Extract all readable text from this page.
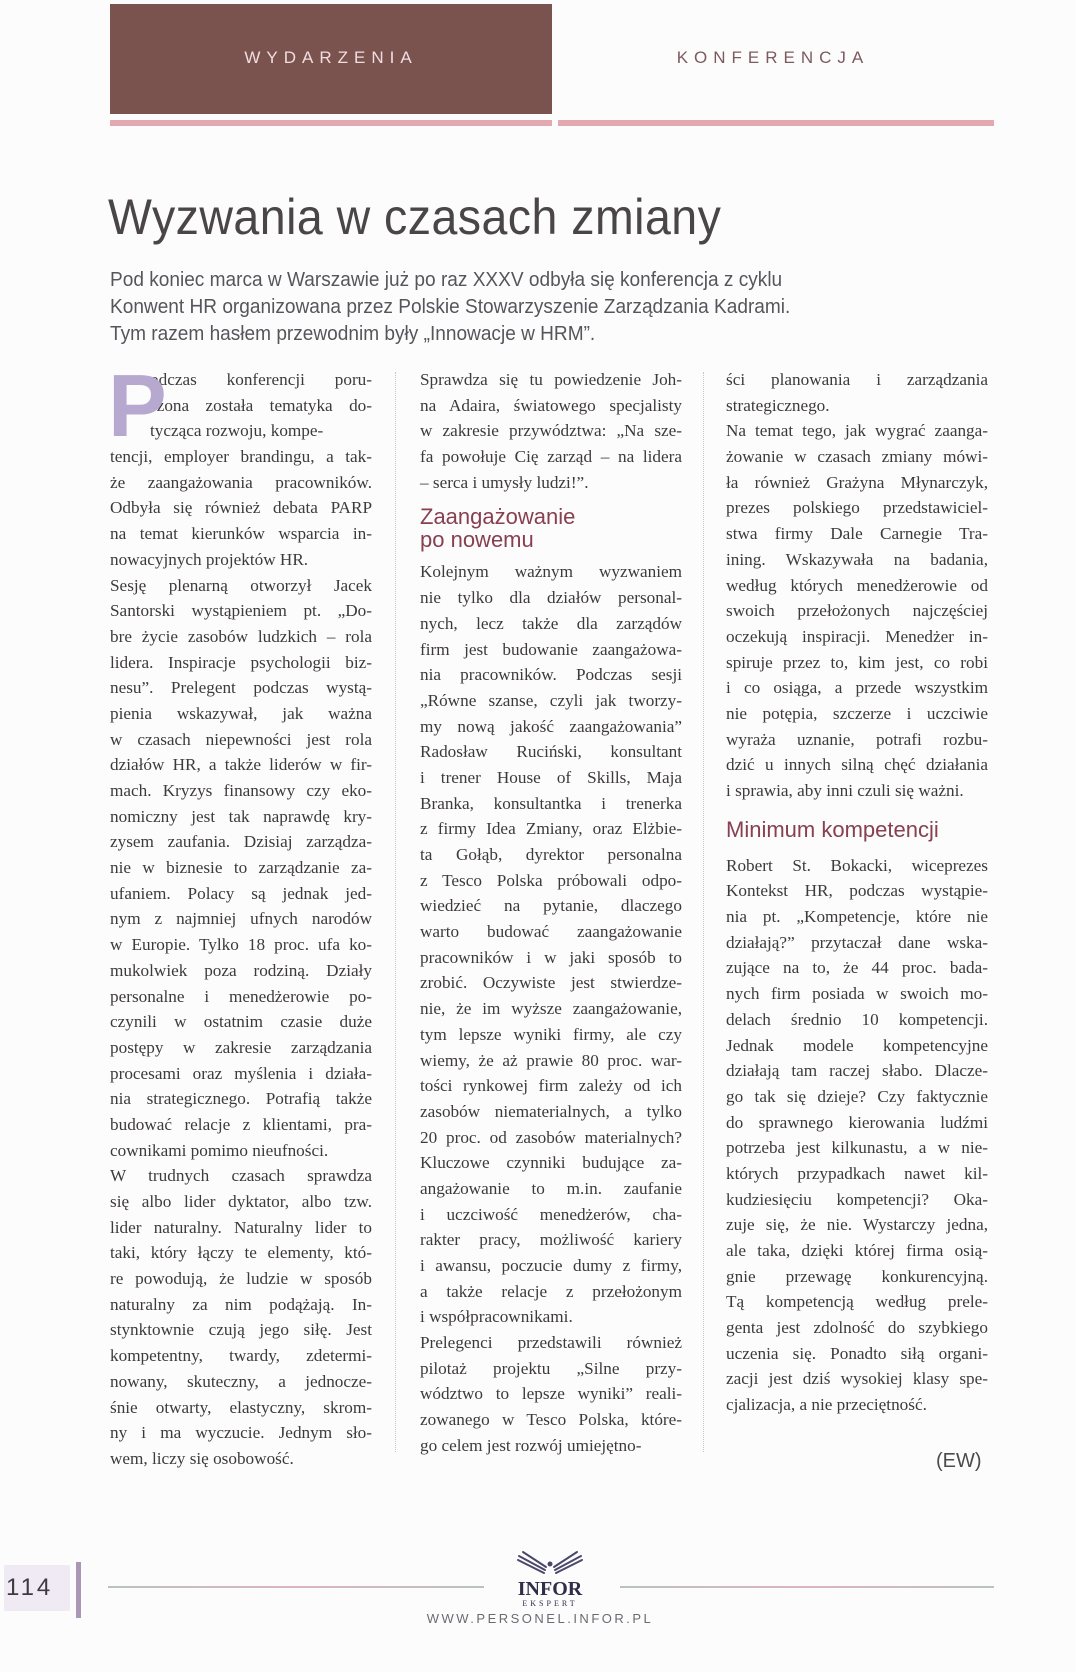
WYDARZENIA	KONFERENCJA
Wyzwania w czasach zmiany
Pod koniec marca w Warszawie już po raz XXXV odbyła się konferencja z cyklu
Konwent HR organizowana przez Polskie Stowarzyszenie Zarządzania Kadrami.
Tym razem hasłem przewodnim były „Innowacje w HRM”.
P
odczas konferencji poru-
szona została tematyka do-
tycząca rozwoju, kompe-
tencji, employer brandingu, a tak-
że zaangażowania pracowników.
Odbyła się również debata PARP
na temat kierunków wsparcia in-
nowacyjnych projektów HR.
Sesję plenarną otworzył Jacek
Santorski wystąpieniem pt. „Do-
bre życie zasobów ludzkich – rola
lidera. Inspiracje psychologii biz-
nesu”. Prelegent podczas wystą-
pienia wskazywał, jak ważna
w czasach niepewności jest rola
działów HR, a także liderów w fir-
mach. Kryzys finansowy czy eko-
nomiczny jest tak naprawdę kry-
zysem zaufania. Dzisiaj zarządza-
nie w biznesie to zarządzanie za-
ufaniem. Polacy są jednak jed-
nym z najmniej ufnych narodów
w Europie. Tylko 18 proc. ufa ko-
mukolwiek poza rodziną. Działy
personalne i menedżerowie po-
czynili w ostatnim czasie duże
postępy w zakresie zarządzania
procesami oraz myślenia i działa-
nia strategicznego. Potrafią także
budować relacje z klientami, pra-
cownikami pomimo nieufności.
W trudnych czasach sprawdza
się albo lider dyktator, albo tzw.
lider naturalny. Naturalny lider to
taki, który łączy te elementy, któ-
re powodują, że ludzie w sposób
naturalny za nim podążają. In-
stynktownie czują jego siłę. Jest
kompetentny, twardy, zdetermi-
nowany, skuteczny, a jednocze-
śnie otwarty, elastyczny, skrom-
ny i ma wyczucie. Jednym sło-
wem, liczy się osobowość.
Sprawdza się tu powiedzenie Joh-
na Adaira, światowego specjalisty
w zakresie przywództwa: „Na sze-
fa powołuje Cię zarząd – na lidera
– serca i umysły ludzi!”.
Zaangażowanie
po nowemu
Kolejnym ważnym wyzwaniem
nie tylko dla działów personal-
nych, lecz także dla zarządów
firm jest budowanie zaangażowa-
nia pracowników. Podczas sesji
„Równe szanse, czyli jak tworzy-
my nową jakość zaangażowania”
Radosław Ruciński, konsultant
i trener House of Skills, Maja
Branka, konsultantka i trenerka
z firmy Idea Zmiany, oraz Elżbie-
ta Gołąb, dyrektor personalna
z Tesco Polska próbowali odpo-
wiedzieć na pytanie, dlaczego
warto budować zaangażowanie
pracowników i w jaki sposób to
zrobić. Oczywiste jest stwierdze-
nie, że im wyższe zaangażowanie,
tym lepsze wyniki firmy, ale czy
wiemy, że aż prawie 80 proc. war-
tości rynkowej firm zależy od ich
zasobów niematerialnych, a tylko
20 proc. od zasobów materialnych?
Kluczowe czynniki budujące za-
angażowanie to m.in. zaufanie
i uczciwość menedżerów, cha-
rakter pracy, możliwość kariery
i awansu, poczucie dumy z firmy,
a także relacje z przełożonym
i współpracownikami.
Prelegenci przedstawili również
pilotaż projektu „Silne przy-
wództwo to lepsze wyniki” reali-
zowanego w Tesco Polska, które-
go celem jest rozwój umiejętno-
ści planowania i zarządzania
strategicznego.
Na temat tego, jak wygrać zaanga-
żowanie w czasach zmiany mówi-
ła również Grażyna Młynarczyk,
prezes polskiego przedstawiciel-
stwa firmy Dale Carnegie Tra-
ining. Wskazywała na badania,
według których menedżerowie od
swoich przełożonych najczęściej
oczekują inspiracji. Menedżer in-
spiruje przez to, kim jest, co robi
i co osiąga, a przede wszystkim
nie potępia, szczerze i uczciwie
wyraża uznanie, potrafi rozbu-
dzić u innych silną chęć działania
i sprawia, aby inni czuli się ważni.
Minimum kompetencji
Robert St. Bokacki, wiceprezes
Kontekst HR, podczas wystąpie-
nia pt. „Kompetencje, które nie
działają?” przytaczał dane wska-
zujące na to, że 44 proc. bada-
nych firm posiada w swoich mo-
delach średnio 10 kompetencji.
Jednak modele kompetencyjne
działają tam raczej słabo. Dlacze-
go tak się dzieje? Czy faktycznie
do sprawnego kierowania ludźmi
potrzeba jest kilkunastu, a w nie-
których przypadkach nawet kil-
kudziesięciu kompetencji? Oka-
zuje się, że nie. Wystarczy jedna,
ale taka, dzięki której firma osią-
gnie przewagę konkurencyjną.
Tą kompetencją według prele-
genta jest zdolność do szybkiego
uczenia się. Ponadto siłą organi-
zacji jest dziś wysokiej klasy spe-
cjalizacja, a nie przeciętność.
(EW)
114	INFOR
EKSPERT
WWW.PERSONEL.INFOR.PL
